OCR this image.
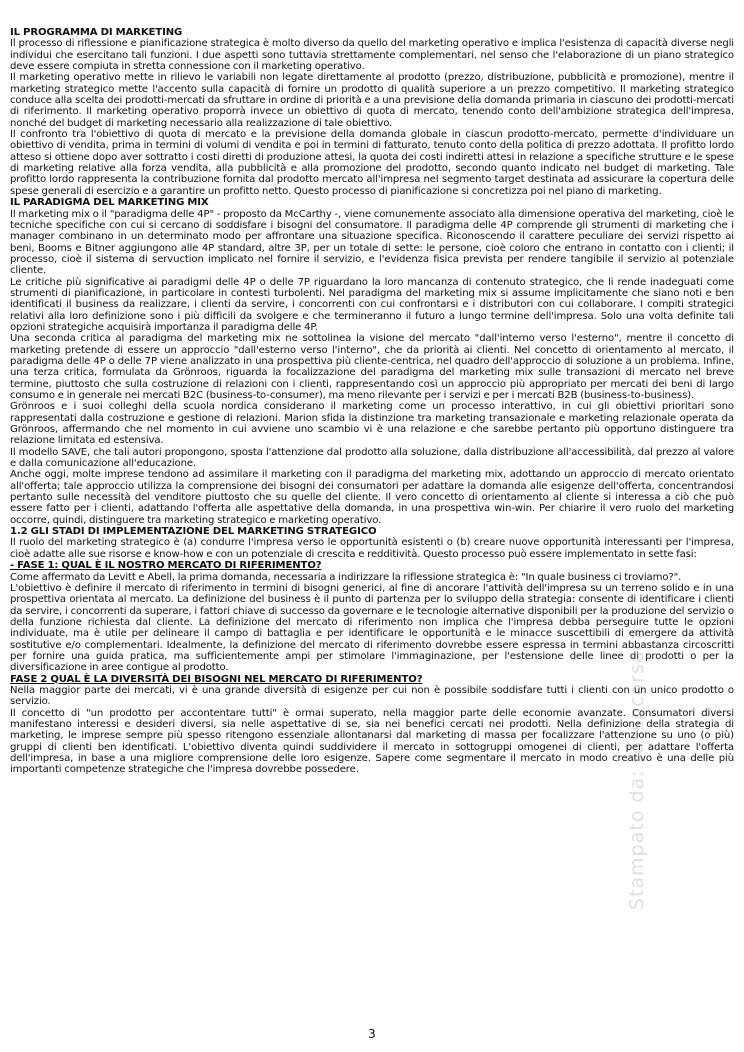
IL PROGRAMMA DI MARKETING

Il processo di riflessione e pianificazione strategica è molto diverso da quello del marketing operativo e implica l'esistenza di capacità diverse negli individui che esercitano tali funzioni. I due aspetti sono tuttavia strettamente complementari, nel senso che l'elaborazione di un piano strategico deve essere compiuta in stretta connessione con il marketing operativo.

Il marketing operativo mette in rilievo le variabili non legate direttamente al prodotto (prezzo, distribuzione, pubblicità e promozione), mentre il marketing strategico mette l'accento sulla capacità di fornire un prodotto di qualità superiore a un prezzo competitivo. Il marketing strategico conduce alla scelta dei prodotti-mercati da sfruttare in ordine di priorità e a una previsione della domanda primaria in ciascuno dei prodotti-mercati di riferimento. Il marketing operativo proporrà invece un obiettivo di quota di mercato, tenendo conto dell'ambizione strategica dell'impresa, nonché del budget di marketing necessario alla realizzazione di tale obiettivo.

Il confronto tra l'obiettivo di quota di mercato e la previsione della domanda globale in ciascun prodotto-mercato, permette d'individuare un obiettivo di vendita, prima in termini di volumi di vendita e poi in termini di fatturato, tenuto conto della politica di prezzo adottata. Il profitto lordo atteso si ottiene dopo aver sottratto i costi diretti di produzione attesi, la quota dei costi indiretti attesi in relazione a specifiche strutture e le spese di marketing relative alla forza vendita, alla pubblicità e alla promozione del prodotto, secondo quanto indicato nel budget di marketing. Tale profitto lordo rappresenta la contribuzione fornita dal prodotto mercato all'impresa nel segmento target destinata ad assicurare la copertura delle spese generali di esercizio e a garantire un profitto netto. Questo processo di pianificazione si concretizza poi nel piano di marketing.

IL PARADIGMA DEL MARKETING MIX

Il marketing mix o il "paradigma delle 4P" - proposto da McCarthy -, viene comunemente associato alla dimensione operativa del marketing, cioè le tecniche specifiche con cui si cercano di soddisfare i bisogni del consumatore. Il paradigma delle 4P comprende gli strumenti di marketing che i manager combinano in un determinato modo per affrontare una situazione specifica. Riconoscendo il carattere peculiare dei servizi rispetto ai beni, Booms e Bitner aggiungono alle 4P standard, altre 3P, per un totale di sette: le persone, cioè coloro che entrano in contatto con i clienti; il processo, cioè il sistema di servuction implicato nel fornire il servizio, e l'evidenza fisica prevista per rendere tangibile il servizio al potenziale cliente.

Le critiche più significative ai paradigmi delle 4P o delle 7P riguardano la loro mancanza di contenuto strategico, che li rende inadeguati come strumenti di pianificazione, in particolare in contesti turbolenti. Nel paradigma del marketing mix si assume implicitamente che siano noti e ben identificati il business da realizzare, i clienti da servire, i concorrenti con cui confrontarsi e i distributori con cui collaborare. I compiti strategici relativi alla loro definizione sono i più difficili da svolgere e che termineranno il futuro a lungo termine dell'impresa. Solo una volta definite tali opzioni strategiche acquisirà importanza il paradigma delle 4P.

Una seconda critica al paradigma del marketing mix ne sottolinea la visione del mercato "dall'interno verso l'esterno", mentre il concetto di marketing pretende di essere un approccio "dall'esterno verso l'interno", che da priorità ai clienti. Nel concetto di orientamento al mercato, il paradigma delle 4P o delle 7P viene analizzato in una prospettiva più cliente-centrica, nel quadro dell'approccio di soluzione a un problema. Infine, una terza critica, formulata da Grönroos, riguarda la focalizzazione del paradigma del marketing mix sulle transazioni di mercato nel breve termine, piuttosto che sulla costruzione di relazioni con i clienti, rappresentando così un approccio più appropriato per mercati dei beni di largo consumo e in generale nei mercati B2C (business-to-consumer), ma meno rilevante per i servizi e per i mercati B2B (business-to-business).

Grönroos e i suoi colleghi della scuola nordica considerano il marketing come un processo interattivo, in cui gli obiettivi prioritari sono rappresentati dalla costruzione e gestione di relazioni. Marion sfida la distinzione tra marketing transazionale e marketing relazionale operata da Grönroos, affermando che nel momento in cui avviene uno scambio vi è una relazione e che sarebbe pertanto più opportuno distinguere tra relazione limitata ed estensiva.

Il modello SAVE, che tali autori propongono, sposta l'attenzione dal prodotto alla soluzione, dalla distribuzione all'accessibilità, dal prezzo al valore e dalla comunicazione all'educazione.

Anche oggi, molte imprese tendono ad assimilare il marketing con il paradigma del marketing mix, adottando un approccio di mercato orientato all'offerta; tale approccio utilizza la comprensione dei bisogni dei consumatori per adattare la domanda alle esigenze dell'offerta, concentrandosi pertanto sulle necessità del venditore piuttosto che su quelle del cliente. Il vero concetto di orientamento al cliente si interessa a ciò che può essere fatto per i clienti, adattando l'offerta alle aspettative della domanda, in una prospettiva win-win. Per chiarire il vero ruolo del marketing occorre, quindi, distinguere tra marketing strategico e marketing operativo.

1.2 GLI STADI DI IMPLEMENTAZIONE DEL MARKETING STRATEGICO

Il ruolo del marketing strategico è (a) condurre l'impresa verso le opportunità esistenti o (b) creare nuove opportunità interessanti per l'impresa, cioè adatte alle sue risorse e know-how e con un potenziale di crescita e redditività. Questo processo può essere implementato in sette fasi:

- FASE 1: QUAL È IL NOSTRO MERCATO DI RIFERIMENTO?

Come affermato da Levitt e Abell, la prima domanda, necessaria a indirizzare la riflessione strategica è: "In quale business ci troviamo?".

L'obiettivo è definire il mercato di riferimento in termini di bisogni generici, al fine di ancorare l'attività dell'impresa su un terreno solido e in una prospettiva orientata al mercato. La definizione del business è il punto di partenza per lo sviluppo della strategia: consente di identificare i clienti da servire, i concorrenti da superare, i fattori chiave di successo da governare e le tecnologie alternative disponibili per la produzione del servizio o della funzione richiesta dal cliente. La definizione del mercato di riferimento non implica che l'impresa debba perseguire tutte le opzioni individuate, ma è utile per delineare il campo di battaglia e per identificare le opportunità e le minacce suscettibili di emergere da attività sostitutive e/o complementari. Idealmente, la definizione del mercato di riferimento dovrebbe essere espressa in termini abbastanza circoscritti per fornire una guida pratica, ma sufficientemente ampi per stimolare l'immaginazione, per l'estensione delle linee di prodotti o per la diversificazione in aree contigue al prodotto.

FASE 2 QUAL È LA DIVERSITÀ DEI BISOGNI NEL MERCATO DI RIFERIMENTO?

Nella maggior parte dei mercati, vi è una grande diversità di esigenze per cui non è possibile soddisfare tutti i clienti con un unico prodotto o servizio.

Il concetto di "un prodotto per accontentare tutti" è ormai superato, nella maggior parte delle economie avanzate. Consumatori diversi manifestano interessi e desideri diversi, sia nelle aspettative di se, sia nei benefici cercati nei prodotti. Nella definizione della strategia di marketing, le imprese sempre più spesso ritengono essenziale allontanarsi dal marketing di massa per focalizzare l'attenzione su uno (o più) gruppi di clienti ben identificati. L'obiettivo diventa quindi suddividere il mercato in sottogruppi omogenei di clienti, per adattare l'offerta dell'impresa, in base a una migliore comprensione delle loro esigenze. Sapere come segmentare il mercato in modo creativo è una delle più importanti competenze strategiche che l'impresa dovrebbe possedere.	Stampato da: rossocorsaca
3
